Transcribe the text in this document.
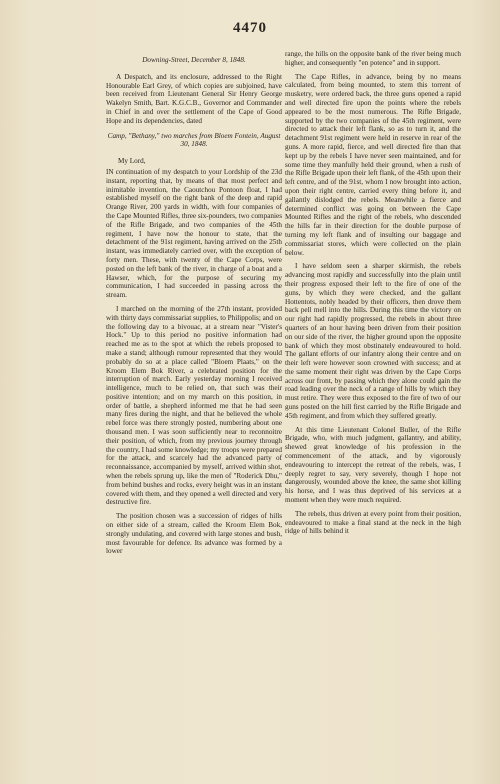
4470
Downing-Street, December 8, 1848.

A Despatch, and its enclosure, addressed to the Right Honourable Earl Grey, of which copies are subjoined, have been received from Lieutenant General Sir Henry George Wakelyn Smith, Bart. K.G.C.B., Governor and Commander in Chief in and over the settlement of the Cape of Good Hope and its dependencies, dated

Camp, "Bethany," two marches from Bloem Fontein, August 30, 1848.
My Lord,

IN continuation of my despatch to your Lordship of the 23d instant, reporting that, by means of that most perfect and inimitable invention, the Caoutchou Pontoon float, I had established myself on the right bank of the deep and rapid Orange River, 200 yards in width, with four companies of the Cape Mounted Rifles, three six-pounders, two companies of the Rifle Brigade, and two companies of the 45th regiment, I have now the honour to state, that the detachment of the 91st regiment, having arrived on the 25th instant, was immediately carried over, with the exception of forty men. These, with twenty of the Cape Corps, were posted on the left bank of the river, in charge of a boat and a Hawser, which, for the purpose of securing my communication, I had succeeded in passing across the stream.

I marched on the morning of the 27th instant, provided with thirty days commissariat supplies, to Philippolis; and on the following day to a bivouac, at a stream near "Vister's Hock." Up to this period no positive information had reached me as to the spot at which the rebels proposed to make a stand; although rumour represented that they would probably do so at a place called "Bloem Plaats," on the Kroom Elem Bok River, a celebrated position for the interruption of march. Early yesterday morning I received intelligence, much to be relied on, that such was their positive intention; and on my march on this position, in order of battle, a shepherd informed me that he had seen many fires during the night, and that he believed the whole rebel force was there strongly posted, numbering about one thousand men. I was soon sufficiently near to reconnoitre their position, of which, from my previous journey through the country, I had some knowledge; my troops were prepared for the attack, and scarcely had the advanced party of reconnaissance, accompanied by myself, arrived within shot, when the rebels sprung up, like the men of "Roderick Dhu," from behind bushes and rocks, every height was in an instant covered with them, and they opened a well directed and very destructive fire.

The position chosen was a succession of ridges of hills on either side of a stream, called the Kroom Elem Bok, strongly undulating, and covered with large stones and bush, most favourable for defence. Its advance was formed by a lower

range, the hills on the opposite bank of the river being much higher, and consequently "en potence" and in support.

The Cape Rifles, in advance, being by no means calculated, from being mounted, to stem this torrent of musketry, were ordered back, the three guns opened a rapid and well directed fire upon the points where the rebels appeared to be the most numerous. The Rifle Brigade, supported by the two companies of the 45th regiment, were directed to attack their left flank, so as to turn it, and the detachment 91st regiment were held in reserve in rear of the guns. A more rapid, fierce, and well directed fire than that kept up by the rebels I have never seen maintained, and for some time they manfully held their ground, when a rush of the Rifle Brigade upon their left flank, of the 45th upon their left centre, and of the 91st, whom I now brought into action, upon their right centre, carried every thing before it, and gallantly dislodged the rebels. Meanwhile a fierce and determined conflict was going on between the Cape Mounted Rifles and the right of the rebels, who descended the hills far in their direction for the double purpose of turning my left flank and of insulting our baggage and commissariat stores, which were collected on the plain below.

I have seldom seen a sharper skirmish, the rebels advancing most rapidly and successfully into the plain until their progress exposed their left to the fire of one of the guns, by which they were checked, and the gallant Hottentots, nobly headed by their officers, then drove them back pell mell into the hills. During this time the victory on our right had rapidly progressed, the rebels in about three quarters of an hour having been driven from their position on our side of the river, the higher ground upon the opposite bank of which they most obstinately endeavoured to hold. The gallant efforts of our infantry along their centre and on their left were however soon crowned with success; and at the same moment their right was driven by the Cape Corps across our front, by passing which they alone could gain the road leading over the neck of a range of hills by which they must retire. They were thus exposed to the fire of two of our guns posted on the hill first carried by the Rifle Brigade and 45th regiment, and from which they suffered greatly.

At this time Lieutenant Colonel Buller, of the Rifle Brigade, who, with much judgment, gallantry, and ability, shewed great knowledge of his profession in the commencement of the attack, and by vigorously endeavouring to intercept the retreat of the rebels, was, I deeply regret to say, very severely, though I hope not dangerously, wounded above the knee, the same shot killing his horse, and I was thus deprived of his services at a moment when they were much required.

The rebels, thus driven at every point from their position, endeavoured to make a final stand at the neck in the high ridge of hills behind it
